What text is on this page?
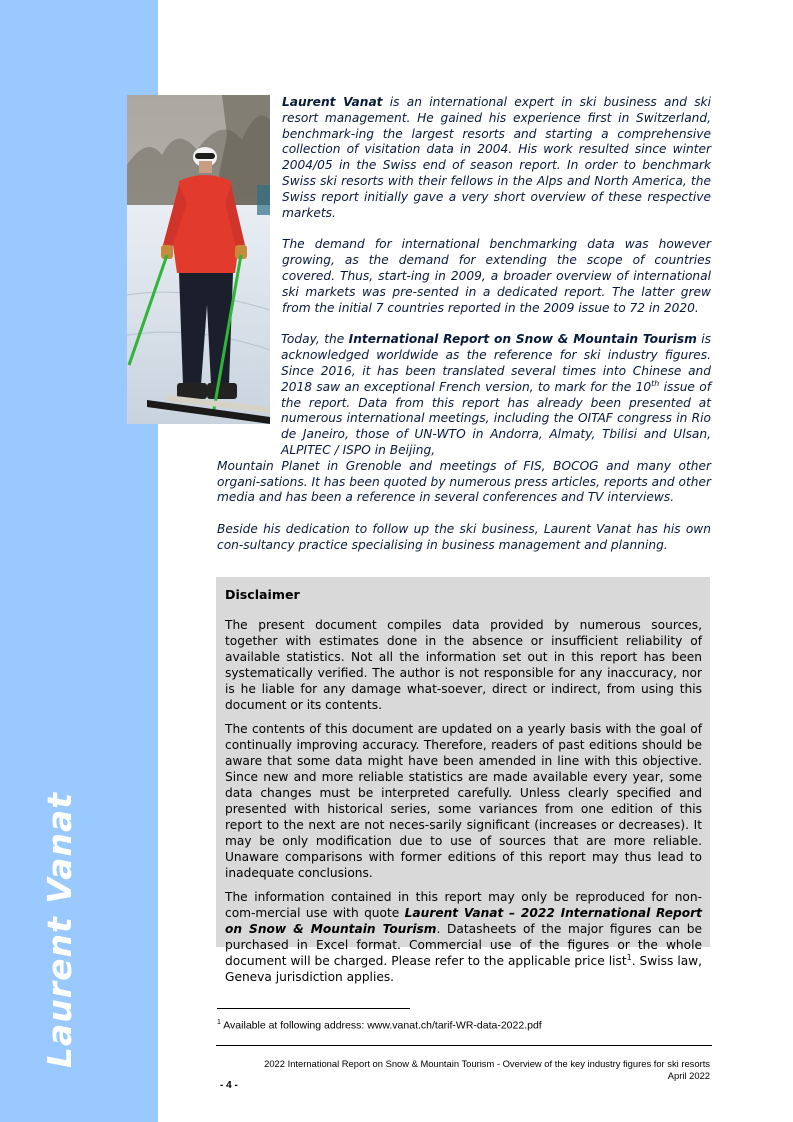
Laurent Vanat

Laurent Vanat is an international expert in ski business and ski resort management. He gained his experience first in Switzerland, benchmark-ing the largest resorts and starting a comprehensive collection of visitation data in 2004. His work resulted since winter 2004/05 in the Swiss end of season report. In order to benchmark Swiss ski resorts with their fellows in the Alps and North America, the Swiss report initially gave a very short overview of these respective markets.

The demand for international benchmarking data was however growing, as the demand for extending the scope of countries covered. Thus, start-ing in 2009, a broader overview of international ski markets was pre-sented in a dedicated report. The latter grew from the initial 7 countries reported in the 2009 issue to 72 in 2020.

Today, the International Report on Snow & Mountain Tourism is acknowledged worldwide as the reference for ski industry figures. Since 2016, it has been translated several times into Chinese and 2018 saw an exceptional French version, to mark for the 10th issue of the report. Data from this report has already been presented at numerous international meetings, including the OITAF congress in Rio de Janeiro, those of UN-WTO in Andorra, Almaty, Tbilisi and Ulsan, ALPITEC / ISPO in Beijing,
Mountain Planet in Grenoble and meetings of FIS, BOCOG and many other organi-sations. It has been quoted by numerous press articles, reports and other media and has been a reference in several conferences and TV interviews.

Beside his dedication to follow up the ski business, Laurent Vanat has his own con-sultancy practice specialising in business management and planning.

Disclaimer

The present document compiles data provided by numerous sources, together with estimates done in the absence or insufficient reliability of available statistics. Not all the information set out in this report has been systematically verified. The author is not responsible for any inaccuracy, nor is he liable for any damage what-soever, direct or indirect, from using this document or its contents.

The contents of this document are updated on a yearly basis with the goal of continually improving accuracy. Therefore, readers of past editions should be aware that some data might have been amended in line with this objective. Since new and more reliable statistics are made available every year, some data changes must be interpreted carefully. Unless clearly specified and presented with historical series, some variances from one edition of this report to the next are not neces-sarily significant (increases or decreases). It may be only modification due to use of sources that are more reliable. Unaware comparisons with former editions of this report may thus lead to inadequate conclusions.

The information contained in this report may only be reproduced for non-com-mercial use with quote Laurent Vanat – 2022 International Report on Snow & Mountain Tourism. Datasheets of the major figures can be purchased in Excel format. Commercial use of the figures or the whole document will be charged. Please refer to the applicable price list$^1$. Swiss law, Geneva jurisdiction applies.

$^1$ Available at following address: www.vanat.ch/tarif-WR-data-2022.pdf
2022 International Report on Snow & Mountain Tourism - Overview of the key industry figures for ski resorts
April 2022
- 4 -
